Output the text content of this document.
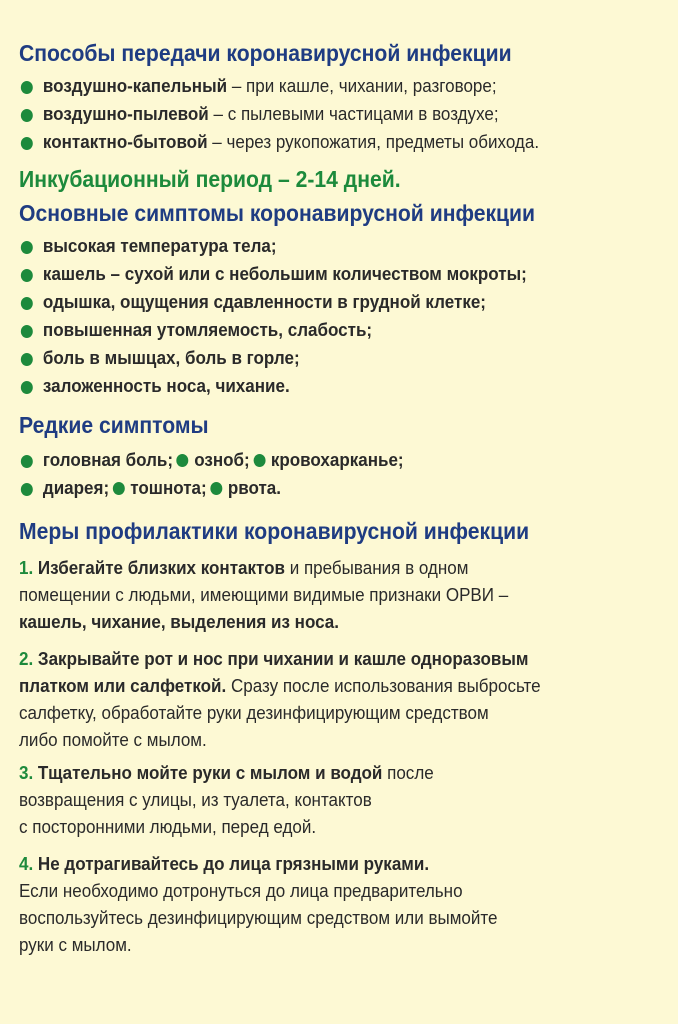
Способы передачи коронавирусной инфекции
воздушно-капельный – при кашле, чихании, разговоре;
воздушно-пылевой – с пылевыми частицами в воздухе;
контактно-бытовой – через рукопожатия, предметы обихода.
Инкубационный период – 2-14 дней.
Основные симптомы коронавирусной инфекции
высокая температура тела;
кашель – сухой или с небольшим количеством мокроты;
одышка, ощущения сдавленности в грудной клетке;
повышенная утомляемость, слабость;
боль в мышцах, боль в горле;
заложенность носа, чихание.
Редкие симптомы
головная боль; озноб; кровохарканье;
диарея; тошнота; рвота.
Меры профилактики коронавирусной инфекции

1. Избегайте близких контактов и пребывания в одном

помещении с людьми, имеющими видимые признаки ОРВИ –

кашель, чихание, выделения из носа.

2. Закрывайте рот и нос при чихании и кашле одноразовым

платком или салфеткой. Сразу после использования выбросьте

салфетку, обработайте руки дезинфицирующим средством

либо помойте с мылом.

3. Тщательно мойте руки с мылом и водой после

возвращения с улицы, из туалета, контактов

с посторонними людьми, перед едой.

4. Не дотрагивайтесь до лица грязными руками.

Если необходимо дотронуться до лица предварительно

воспользуйтесь дезинфицирующим средством или вымойте

руки с мылом.
